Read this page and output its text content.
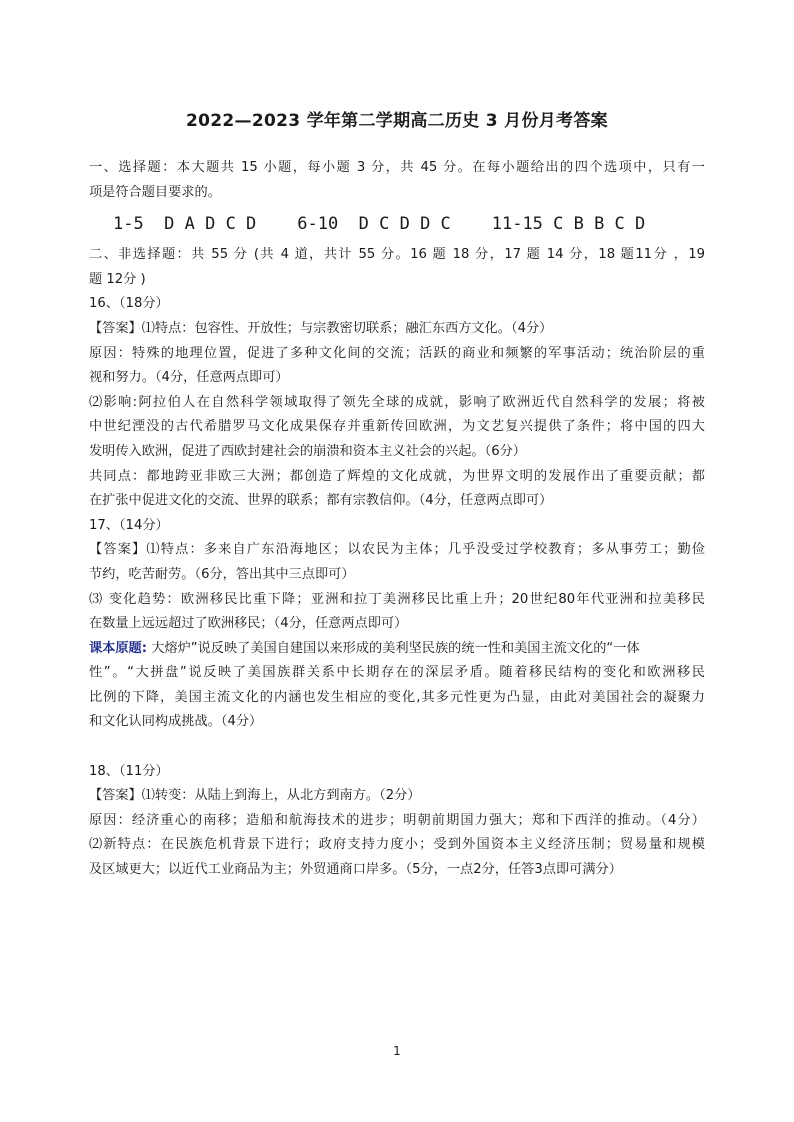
2022—2023 学年第二学期高二历史 3 月份月考答案
一、选择题：本大题共 15 小题，每小题 3 分，共 45 分。在每小题给出的四个选项中，只有一
项是符合题目要求的。
1-5  D A D C D 6-10  D C D D C 11-15 C B B C D
二、非选择题：共 55 分 (共 4 道，共计 55 分。16 题 18 分，17 题 14 分，18 题11分 ，19
题 12分 )
16、（18分）
【答案】⑴特点：包容性、开放性；与宗教密切联系；融汇东西方文化。（4分）
原因：特殊的地理位置，促进了多种文化间的交流；活跃的商业和频繁的军事活动；统治阶层的重
视和努力。（4分，任意两点即可）
⑵影响:阿拉伯人在自然科学领域取得了领先全球的成就，影响了欧洲近代自然科学的发展；将被
中世纪湮没的古代希腊罗马文化成果保存并重新传回欧洲，为文艺复兴提供了条件；将中国的四大
发明传入欧洲，促进了西欧封建社会的崩溃和资本主义社会的兴起。（6分）
共同点：都地跨亚非欧三大洲；都创造了辉煌的文化成就，为世界文明的发展作出了重要贡献；都
在扩张中促进文化的交流、世界的联系；都有宗教信仰。（4分，任意两点即可）
17、（14分）
【答案】⑴特点：多来自广东沿海地区；以农民为主体；几乎没受过学校教育；多从事劳工；勤俭
节约，吃苦耐劳。（6分，答出其中三点即可）
⑶ 变化趋势：欧洲移民比重下降；亚洲和拉丁美洲移民比重上升；20世纪80年代亚洲和拉美移民
在数量上远远超过了欧洲移民；（4分，任意两点即可）
课本原题: 大熔炉”说反映了美国自建国以来形成的美利坚民族的统一性和美国主流文化的“一体
性”。“大拼盘”说反映了美国族群关系中长期存在的深层矛盾。随着移民结构的变化和欧洲移民
比例的下降，美国主流文化的内涵也发生相应的变化,其多元性更为凸显，由此对美国社会的凝聚力
和文化认同构成挑战。（4分）
18、（11分）
【答案】⑴转变：从陆上到海上，从北方到南方。（2分）
原因：经济重心的南移；造船和航海技术的进步；明朝前期国力强大；郑和下西洋的推动。（4分）
⑵新特点：在民族危机背景下进行；政府支持力度小；受到外国资本主义经济压制；贸易量和规模
及区域更大；以近代工业商品为主；外贸通商口岸多。（5分，一点2分，任答3点即可满分）
1
